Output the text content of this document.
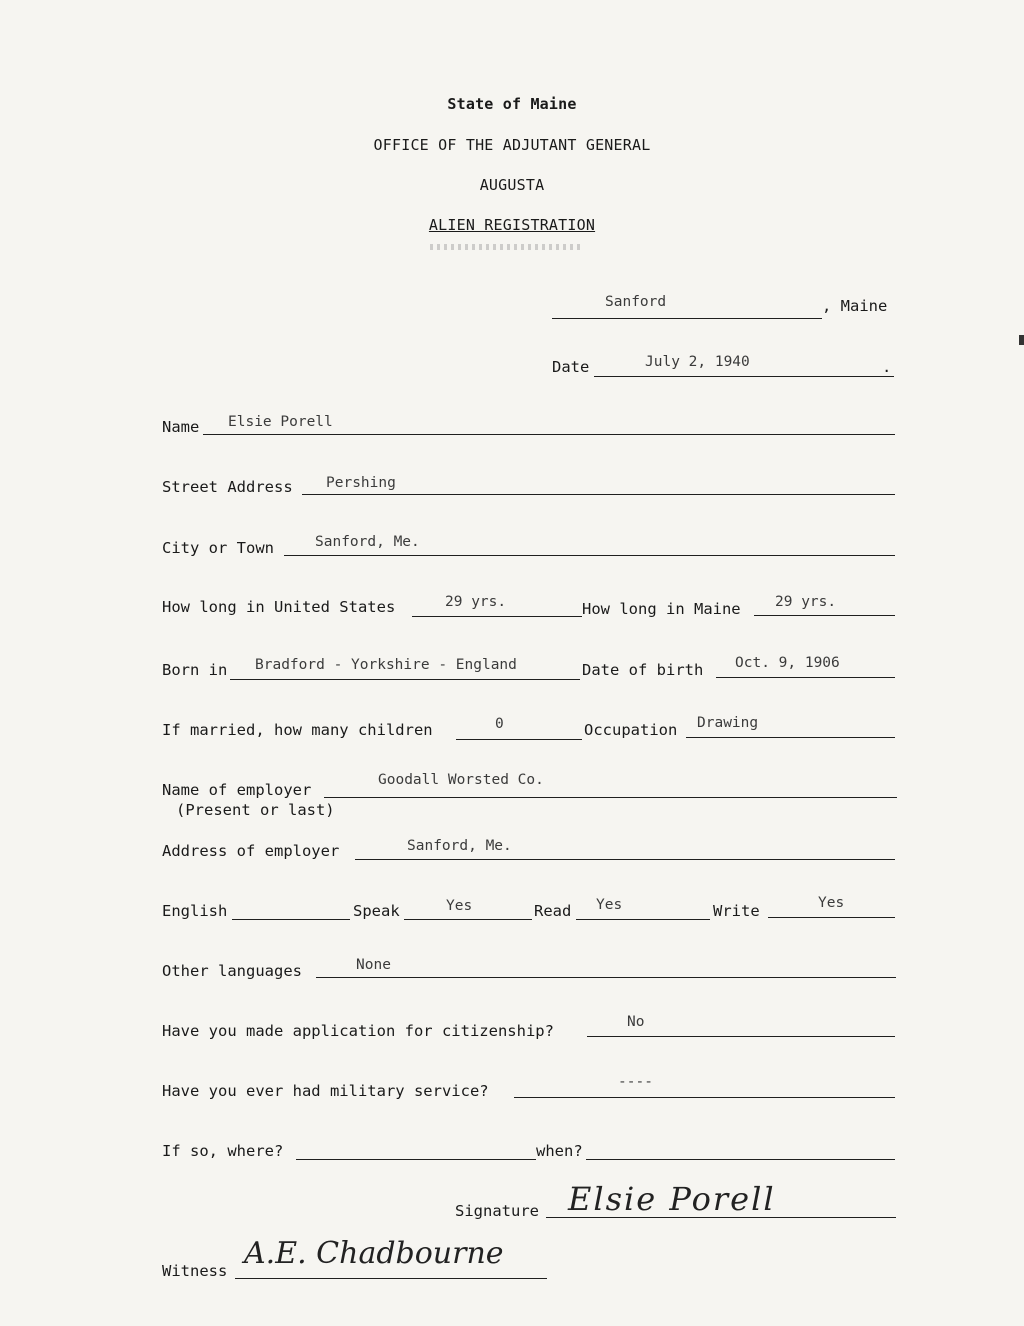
State of Maine
OFFICE OF THE ADJUTANT GENERAL
AUGUSTA
ALIEN REGISTRATION
Sanford	, Maine
Date	July 2, 1940	.
Name Elsie Porell
Street Address Pershing
City or Town	Sanford, Me.
How long in United States	29 yrs.	How long in Maine 29 yrs.
Born in Bradford - Yorkshire - England	Date of birth Oct. 9, 1906
If married, how many children	0	Occupation Drawing
Name of employer
(Present or last)
Goodall Worsted Co.
Address of employer	Sanford, Me.
English	Speak	Yes	Read Yes	Write	Yes
Other languages	None
Have you made application for citizenship?	No
Have you ever had military service?	----
If so, where?	when?
Signature Elsie Porell
Witness A.E. Chadbourne
